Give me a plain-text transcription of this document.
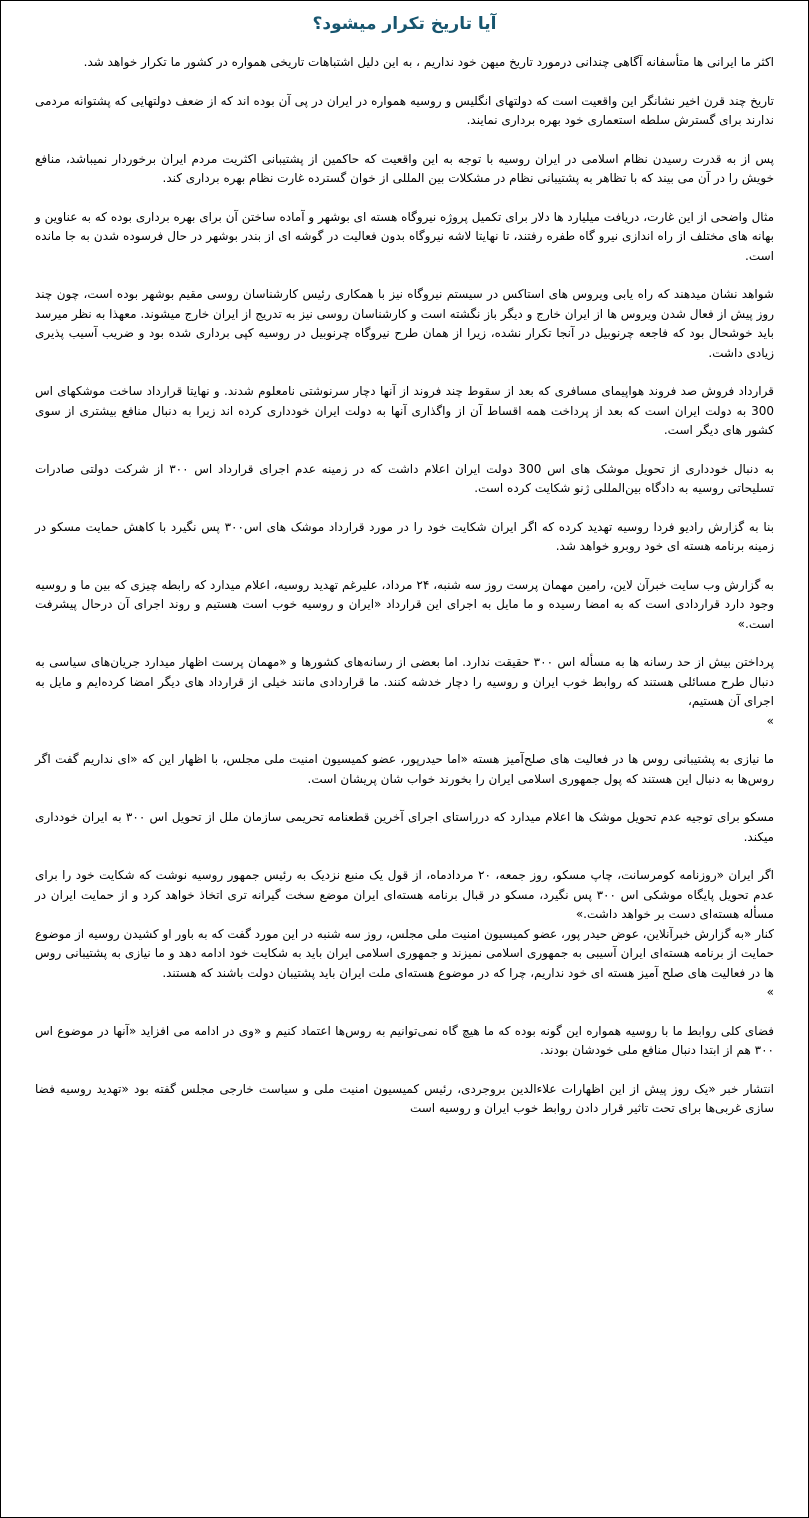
آیا تاریخ تکرار میشود؟

اکثر ما ایرانی ها متأسفانه آگاهی چندانی درمورد تاریخ میهن خود نداریم ، به این دلیل اشتباهات تاریخی همواره در کشور ما تکرار خواهد شد.

تاریخ چند قرن اخیر نشانگر این واقعیت است که دولتهای انگلیس و روسیه همواره در ایران در پی آن بوده اند که از ضعف دولتهایی که پشتوانه مردمی ندارند برای گسترش سلطه استعماری خود بهره برداری نمایند.

پس از به قدرت رسیدن نظام اسلامی در ایران روسیه با توجه به این واقعیت که حاکمین از پشتیبانی اکثریت مردم ایران برخوردار نمیباشد، منافع خویش را در آن می بیند که با تظاهر به پشتیبانی نظام در مشکلات بین المللی از خوان گسترده غارت نظام بهره برداری کند.

مثال واضحی از این غارت، دریافت میلیارد ها دلار برای تکمیل پروژه نیروگاه هسته ای بوشهر و آماده ساختن آن برای بهره برداری بوده که به عناوین و بهانه های مختلف از راه اندازی نیرو گاه طفره رفتند، تا نهایتا لاشه نیروگاه بدون فعالیت در گوشه ای از بندر بوشهر در حال فرسوده شدن به جا مانده است.

شواهد نشان میدهند که راه یابی ویروس های استاکس در سیستم نیروگاه نیز با همکاری رئیس کارشناسان روسی مقیم بوشهر بوده است، چون چند روز پیش از فعال شدن ویروس ها از ایران خارج و دیگر باز نگشته است و کارشناسان روسی نیز به تدریج از ایران خارج میشوند. معهذا به نظر میرسد باید خوشحال بود که فاجعه چرنوبیل در آنجا تکرار نشده، زیرا از همان طرح نیروگاه چرنوبیل در روسیه کپی برداری شده بود و ضریب آسیب پذیری زیادی داشت.

قرارداد فروش صد فروند هواپیمای مسافری که بعد از سقوط چند فروند از آنها دچار سرنوشتی نامعلوم شدند. و نهایتا قرارداد ساخت موشکهای اس 300 به دولت ایران است که بعد از پرداخت همه اقساط آن از واگذاری آنها به دولت ایران خودداری کرده اند زیرا به دنبال منافع بیشتری از سوی کشور های دیگر است.

به دنبال خودداری از تحویل موشک های اس 300 دولت ایران اعلام داشت که در زمینه عدم اجرای قرارداد اس ۳۰۰ از شرکت دولتی صادرات تسلیحاتی روسیه به دادگاه بین‌المللی ژنو شکایت کرده است.

بنا به گزارش رادیو فردا روسیه تهدید کرده که اگر ایران شکایت خود را در مورد قرارداد موشک های اس‌۳۰۰ پس نگیرد با کاهش حمایت مسکو در زمینه برنامه هسته ای خود روبرو خواهد شد.

به گزارش وب سایت خبرآن لاین، رامین مهمان پرست روز سه شنبه، ۲۴ مرداد، علیرغم تهدید روسیه، اعلام میدارد که رابطه چیزی که بین ما و روسیه وجود دارد قراردادی است که به امضا رسیده و ما مایل به اجرای این قرارداد «ایران و روسیه خوب است هستیم و روند اجرای آن درحال پیشرفت است.»

پرداختن بیش از حد رسانه ها به مسأله اس ۳۰۰ حقیقت ندارد. اما بعضی از رسانه‌های کشورها و «مهمان پرست اظهار میدارد جریان‌های سیاسی به دنبال طرح مسائلی هستند که روابط خوب ایران و روسیه را دچار خدشه کنند. ما قراردادی مانند خیلی از قرارداد های دیگر امضا کرده‌ایم و مایل به اجرای آن هستیم،

»

ما نیازی به پشتیبانی روس ها در فعالیت های صلح‌آمیز هسته «اما حیدرپور، عضو کمیسیون امنیت ملی مجلس، با اظهار این که «ای نداریم گفت اگر روس‌ها به دنبال این هستند که پول جمهوری اسلامی ایران را بخورند خواب شان پریشان است.

مسکو برای توجیه عدم تحویل موشک ها اعلام میدارد که درراستای اجرای آخرین قطعنامه تحریمی سازمان ملل از تحویل اس ۳۰۰ به ایران خودداری میکند.

اگر ایران «روزنامه کومرسانت، چاپ مسکو، روز جمعه، ۲۰ مردادماه، از قول یک منبع نزدیک به رئیس جمهور روسیه نوشت که شکایت خود را برای عدم تحویل پایگاه موشکی اس ۳۰۰ پس نگیرد، مسکو در قبال برنامه هسته‌ای ایران موضع سخت گیرانه تری اتخاذ خواهد کرد و از حمایت ایران در مسأله هسته‌ای دست بر خواهد داشت.»

کنار «به گزارش خبرآنلاین، عوض حیدر پور، عضو کمیسیون امنیت ملی مجلس، روز سه شنبه در این مورد گفت که به باور او کشیدن روسیه از موضوع حمایت از برنامه هسته‌ای ایران آسیبی به جمهوری اسلامی نمیزند و جمهوری اسلامی ایران باید به شکایت خود ادامه دهد و ما نیازی به پشتیبانی روس ها در فعالیت های صلح آمیز هسته ای خود نداریم، چرا که در موضوع هسته‌ای ملت ایران باید پشتیبان دولت باشند که هستند.

»

فضای کلی روابط ما با روسیه همواره این گونه بوده که ما هیچ گاه نمی‌توانیم به روس‌ها اعتماد کنیم و «وی در ادامه می افزاید «آنها در موضوع اس ۳۰۰ هم از ابتدا دنبال منافع ملی خودشان بودند.

انتشار خبر «یک روز پیش از این اظهارات علاءالدین بروجردی، رئیس کمیسیون امنیت ملی و سیاست خارجی مجلس گفته بود «تهدید روسیه فضا سازی غربی‌ها برای تحت تاثیر قرار دادن روابط خوب ایران و روسیه است
